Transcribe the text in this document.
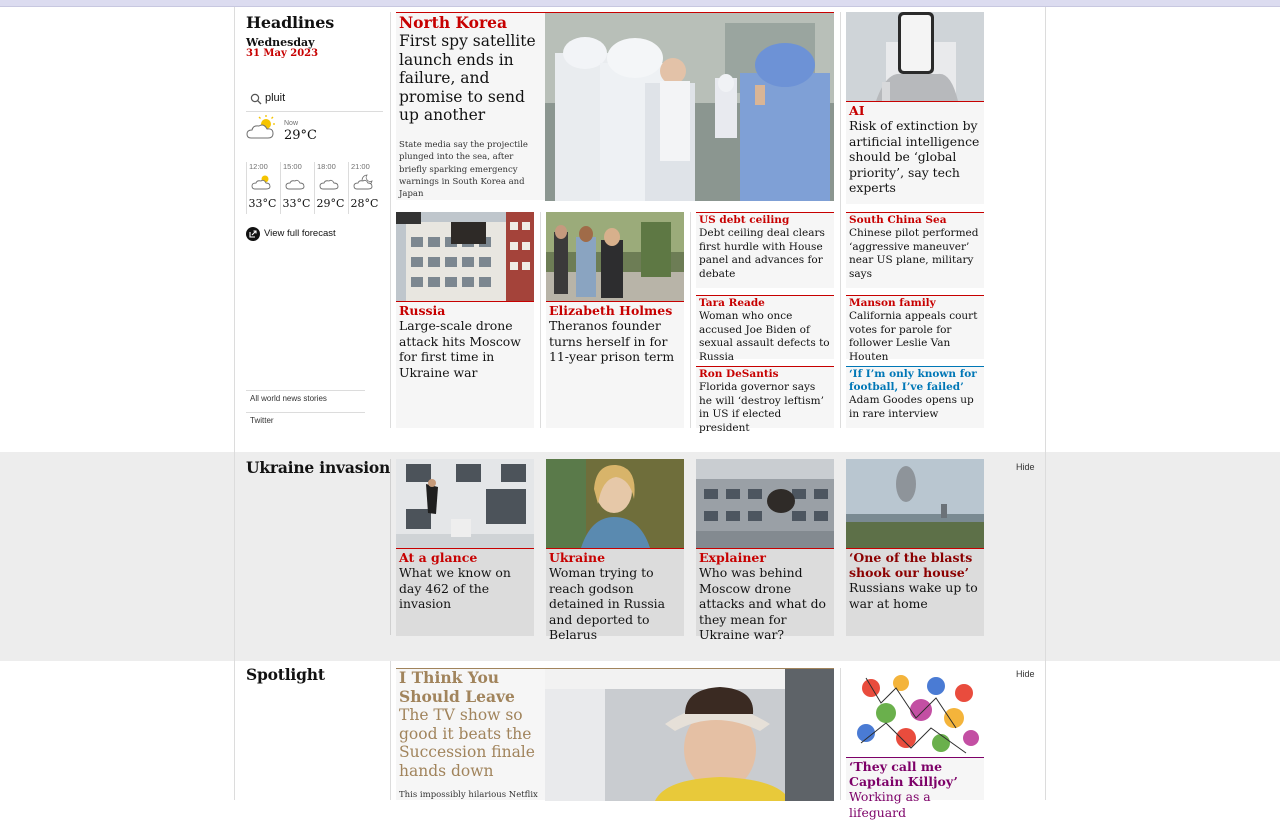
Headlines
Wednesday
31 May 2023
pluit
Now
29°C
12:00
33°C
15:00
33°C
18:00
29°C
21:00
28°C
View full forecast
All world news stories
Twitter
North Korea
First spy satellite launch ends in failure, and promise to send up another
State media say the projectile plunged into the sea, after briefly sparking emergency warnings in South Korea and Japan
AI
Risk of extinction by artificial intelligence should be ‘global priority’, say tech experts
Russia
Large-scale drone attack hits Moscow for first time in Ukraine war
Elizabeth Holmes
Theranos founder turns herself in for 11-year prison term
US debt ceiling
Debt ceiling deal clears first hurdle with House panel and advances for debate
South China Sea
Chinese pilot performed ‘aggressive maneuver’ near US plane, military says
Tara Reade
Woman who once accused Joe Biden of sexual assault defects to Russia
Manson family
California appeals court votes for parole for follower Leslie Van Houten
Ron DeSantis
Florida governor says he will ‘destroy leftism’ in US if elected president
‘If I’m only known for football, I’ve failed’
Adam Goodes opens up in rare interview
Ukraine invasion	Hide
At a glance
What we know on day 462 of the invasion
Ukraine
Woman trying to reach godson detained in Russia and deported to Belarus
Explainer
Who was behind Moscow drone attacks and what do they mean for Ukraine war?
‘One of the blasts shook our house’
Russians wake up to war at home
Spotlight	Hide
I Think You Should Leave
The TV show so good it beats the Succession finale hands down
This impossibly hilarious Netflix
‘They call me Captain Killjoy’
Working as a lifeguard
